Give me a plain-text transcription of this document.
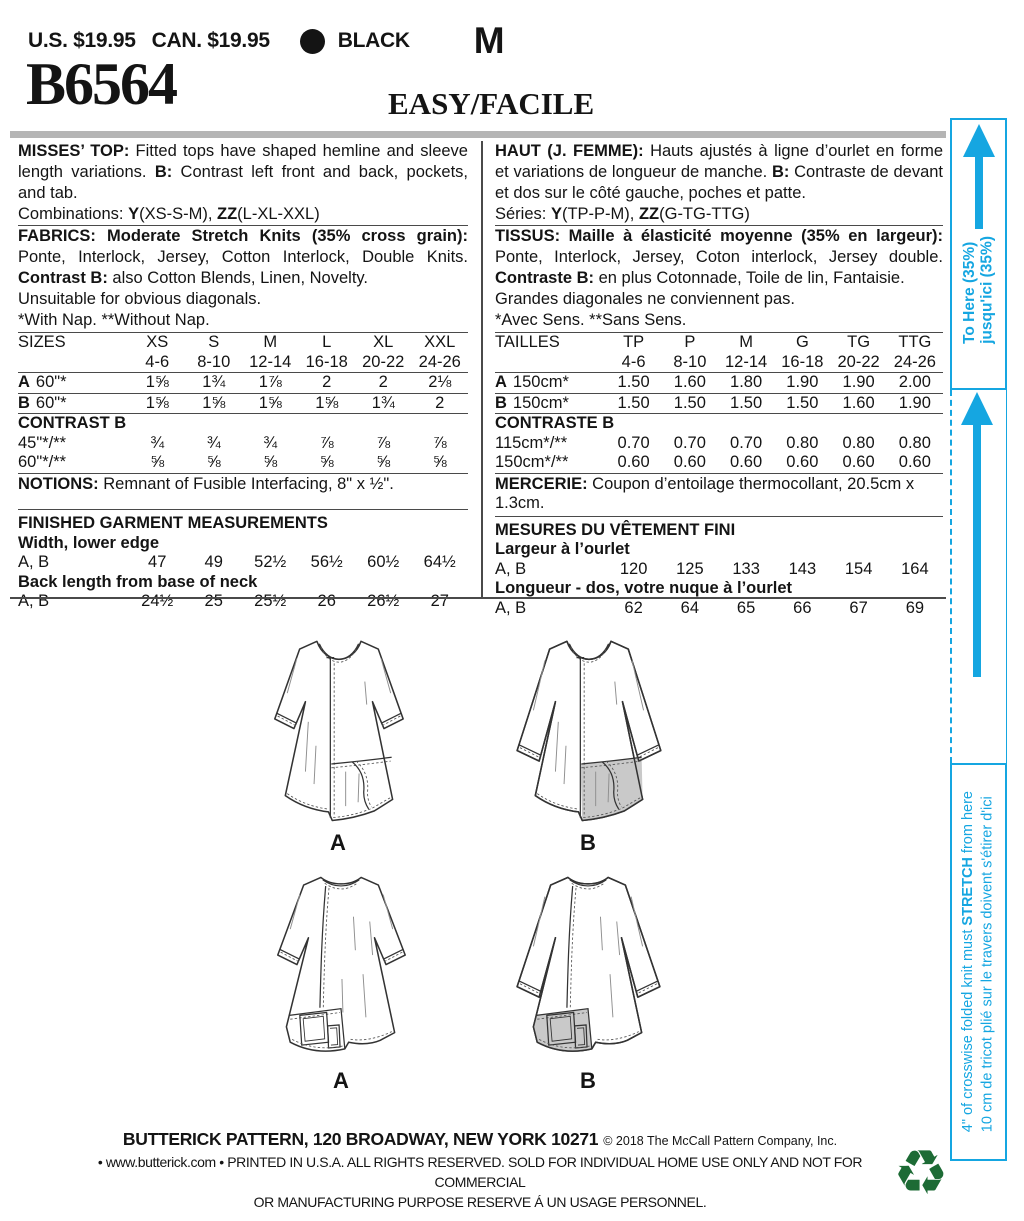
U.S. $19.95 CAN. $19.95	BLACK M
B6564	EASY/FACILE

MISSES’ TOP: Fitted tops have shaped hemline and sleeve length variations. B: Contrast left front and back, pockets, and tab.

Combinations: Y(XS-S-M), ZZ(L-XL-XXL)

FABRICS: Moderate Stretch Knits (35% cross grain): Ponte, Interlock, Jersey, Cotton Interlock, Double Knits. Contrast B: also Cotton Blends, Linen, Novelty.

Unsuitable for obvious diagonals.

*With Nap. **Without Nap.

SIZES	XS	S	M	L	XL	XXL
	4-6	8-10	12-14	16-18	20-22	24-26
A 60"*	1⅝	1¾	1⅞	2	2	2⅛
B 60"*	1⅝	1⅝	1⅝	1⅝	1¾	2
CONTRAST B						
45"*/**	¾	¾	¾	⅞	⅞	⅞
60"*/**	⅝	⅝	⅝	⅝	⅝	⅝
NOTIONS: Remnant of Fusible Interfacing, 8" x ½".						
FINISHED GARMENT MEASUREMENTS						
Width, lower edge						
A, B	47	49	52½	56½	60½	64½
Back length from base of neck						
A, B	24½	25	25½	26	26½	27

HAUT (J. FEMME): Hauts ajustés à ligne d’ourlet en forme et variations de longueur de manche. B: Contraste de devant et dos sur le côté gauche, poches et patte.

Séries: Y(TP-P-M), ZZ(G-TG-TTG)

TISSUS: Maille à élasticité moyenne (35% en largeur): Ponte, Interlock, Jersey, Coton interlock, Jersey double. Contraste B: en plus Cotonnade, Toile de lin, Fantaisie.

Grandes diagonales ne conviennent pas.

*Avec Sens. **Sans Sens.

TAILLES	TP	P	M	G	TG	TTG
	4-6	8-10	12-14	16-18	20-22	24-26
A 150cm*	1.50	1.60	1.80	1.90	1.90	2.00
B 150cm*	1.50	1.50	1.50	1.50	1.60	1.90
CONTRASTE B						
115cm*/**	0.70	0.70	0.70	0.80	0.80	0.80
150cm*/**	0.60	0.60	0.60	0.60	0.60	0.60
MERCERIE: Coupon d’entoilage thermocollant, 20.5cm x 1.3cm.						
MESURES DU VÊTEMENT FINI						
Largeur à l’ourlet						
A, B	120	125	133	143	154	164
Longueur - dos, votre nuque à l’ourlet						
A, B	62	64	65	66	67	69
A	B
A	B
To Here (35%)
jusqu'ici (35%)
4" of crosswise folded knit must STRETCH from here 10 cm de tricot plié sur le travers doivent s'étirer d'ici
♻
BUTTERICK PATTERN, 120 BROADWAY, NEW YORK 10271 © 2018 The McCall Pattern Company, Inc.
• www.butterick.com • PRINTED IN U.S.A. ALL RIGHTS RESERVED. SOLD FOR INDIVIDUAL HOME USE ONLY AND NOT FOR COMMERCIAL
OR MANUFACTURING PURPOSE RESERVE Á UN USAGE PERSONNEL.
